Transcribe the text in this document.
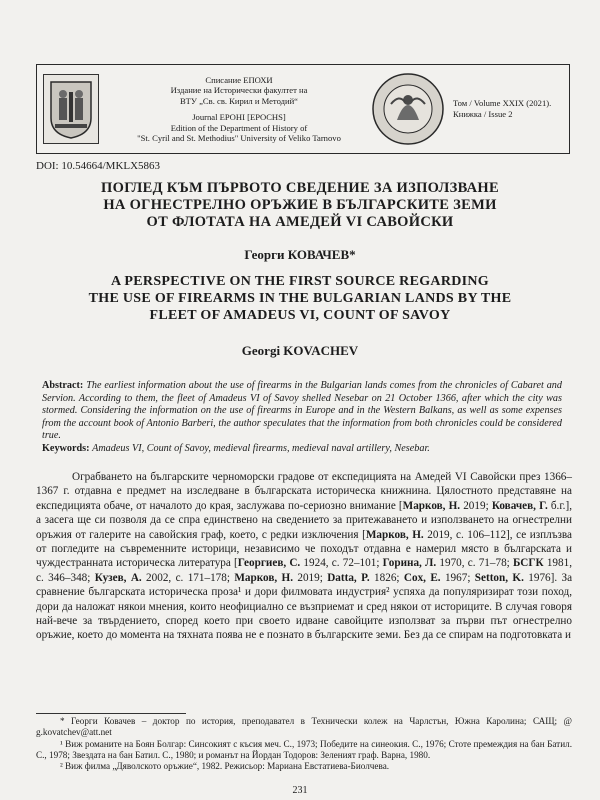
Списание ЕПОХИ
Издание на Исторически факултет на
ВТУ „Св. св. Кирил и Методий“
Journal EPOHI [EPOCHS]
Edition of the Department of History of
"St. Cyril and St. Methodius" University of Veliko Tarnovo
Том / Volume XXIX (2021).
Книжка / Issue 2
DOI: 10.54664/MKLX5863
ПОГЛЕД КЪМ ПЪРВОТО СВЕДЕНИЕ ЗА ИЗПОЛЗВАНЕ
НА ОГНЕСТРЕЛНО ОРЪЖИЕ В БЪЛГАРСКИТЕ ЗЕМИ
ОТ ФЛОТАТА НА АМЕДЕЙ VI САВОЙСКИ
Георги КОВАЧЕВ*
A PERSPECTIVE ON THE FIRST SOURCE REGARDING
THE USE OF FIREARMS IN THE BULGARIAN LANDS BY THE
FLEET OF AMADEUS VI, COUNT OF SAVOY
Georgi KOVACHEV
Abstract: The earliest information about the use of firearms in the Bulgarian lands comes from the chronicles of Cabaret and Servion. According to them, the fleet of Amadeus VI of Savoy shelled Nesebar on 21 October 1366, after which the city was stormed. Considering the information on the use of firearms in Europe and in the Western Balkans, as well as some expenses from the account book of Antonio Barberi, the author speculates that the information from both chronicles could be considered true.
Keywords: Amadeus VI, Count of Savoy, medieval firearms, medieval naval artillery, Nesebar.
Ограбването на българските черноморски градове от експедицията на Амедей VI Савойски през 1366–1367 г. отдавна е предмет на изследване в българската историческа книжнина. Цялостното представяне на експедицията обаче, от началото до края, заслужава по-сериозно внимание [Марков, Н. 2019; Ковачев, Г. б.г.], а засега ще си позволя да се спра единствено на сведението за притежаването и използването на огнестрелни оръжия от галерите на савойския граф, което, с редки изключения [Марков, Н. 2019, с. 106–112], се изплъзва от погледите на съвременните историци, независимо че походът отдавна е намерил място в българската и чуждестранната историческа литература [Георгиев, С. 1924, с. 72–101; Горина, Л. 1970, с. 71–78; БСГК 1981, с. 346–348; Кузев, А. 2002, с. 171–178; Марков, Н. 2019; Datta, P. 1826; Cox, E. 1967; Setton, K. 1976]. За сравнение българската историческа проза¹ и дори филмовата индустрия² успяха да популяризират този поход, дори да наложат някои мнения, които неофициално се възприемат и сред някои от историците. В случая говоря най-вече за твърдението, според което при своето идване савойците използват за първи път огнестрелно оръжие, което до момента на тяхната поява не е познато в българските земи. Без да се спирам на подготовката и

* Георги Ковачев – доктор по история, преподавател в Технически колеж на Чарлстън, Южна Каролина; САЩ; @ g.kovatchev@att.net

¹ Виж романите на Боян Болгар: Синсокият с късия меч. С., 1973; Победите на синеокия. С., 1976; Стоте премеждия на бан Батил. С., 1978; Звездата на бан Батил. С., 1980; и романът на Йордан Тодоров: Зеленият граф. Варна, 1980.

² Виж филма „Дяволското оръжие“, 1982. Режисьор: Мариана Евстатиева-Биолчева.

231
